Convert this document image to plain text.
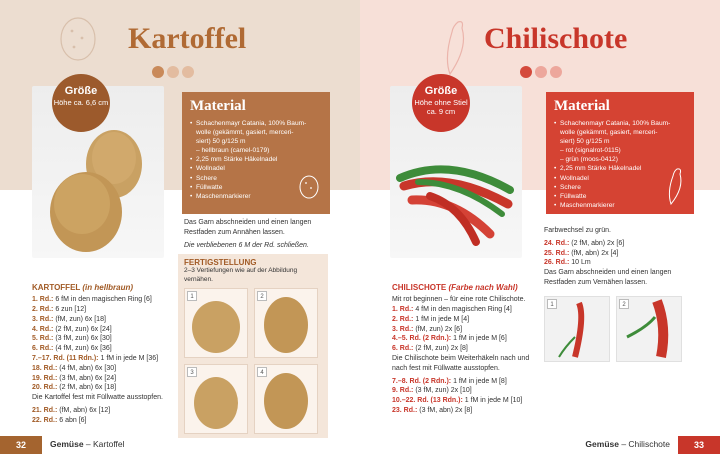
Kartoffel
Größe
Höhe ca. 6,6 cm	Material
• Schachenmayr Catania, 100% Baum-
wolle (gekämmt, gasiert, merceri-
siert) 50 g/125 m
– hellbraun (camel-0179)
• 2,25 mm Stärke Häkelnadel
• Wollnadel
• Schere
• Füllwatte
• Maschenmarkierer

Das Garn abschneiden und einen langen Restfaden zum Annähen lassen.

Die verbliebenen 6 M der Rd. schließen.

KARTOFFEL (in hellbraun)
1. Rd.: 6 fM in den magischen Ring [6]
2. Rd.: 6 zun [12]
3. Rd.: (fM, zun) 6x [18]
4. Rd.: (2 fM, zun) 6x [24]
5. Rd.: (3 fM, zun) 6x [30]
6. Rd.: (4 fM, zun) 6x [36]
7.–17. Rd. (11 Rdn.): 1 fM in jede M [36]
18. Rd.: (4 fM, abn) 6x [30]
19. Rd.: (3 fM, abn) 6x [24]
20. Rd.: (2 fM, abn) 6x [18]

Die Kartoffel fest mit Füllwatte ausstopfen.

21. Rd.: (fM, abn) 6x [12]
22. Rd.: 6 abn [6]
FERTIGSTELLUNG
2–3 Vertiefungen wie auf der Abbildung vernähen.
1	2
3	4
32	Gemüse – Kartoffel
Chilischote
Größe
Höhe ohne Stiel ca. 9 cm	Material
• Schachenmayr Catania, 100% Baum-
wolle (gekämmt, gasiert, merceri-
siert) 50 g/125 m
– rot (signalrot-0115)
– grün (moos-0412)
• 2,25 mm Stärke Häkelnadel
• Wollnadel
• Schere
• Füllwatte
• Maschenmarkierer

Farbwechsel zu grün.

24. Rd.: (2 fM, abn) 2x [6]
25. Rd.: (fM, abn) 2x [4]
26. Rd.: 10 Lm

Das Garn abschneiden und einen langen Restfaden zum Vernähen lassen.

1	2
CHILISCHOTE (Farbe nach Wahl)

Mit rot beginnen – für eine rote Chilischote.

1. Rd.: 4 fM in den magischen Ring [4]
2. Rd.: 1 fM in jede M [4]
3. Rd.: (fM, zun) 2x [6]
4.–5. Rd. (2 Rdn.): 1 fM in jede M [6]
6. Rd.: (2 fM, zun) 2x [8]

Die Chilischote beim Weiterhäkeln nach und nach fest mit Füllwatte ausstopfen.

7.–8. Rd. (2 Rdn.): 1 fM in jede M [8]
9. Rd.: (3 fM, zun) 2x [10]
10.–22. Rd. (13 Rdn.): 1 fM in jede M [10]
23. Rd.: (3 fM, abn) 2x [8]
Gemüse – Chilischote	33
